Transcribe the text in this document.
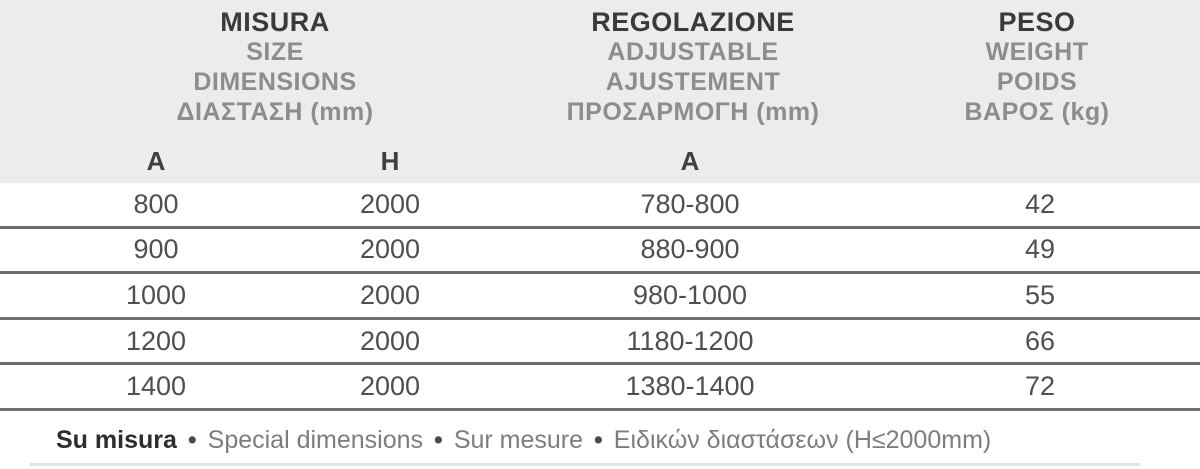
MISURA
SIZE
DIMENSIONS
ΔΙΑΣΤΑΣΗ (mm)
REGOLAZIONE
ADJUSTABLE
AJUSTEMENT
ΠΡΟΣΑΡΜΟΓΗ (mm)
PESO
WEIGHT
POIDS
ΒΑΡΟΣ (kg)
A	H	A
800	2000	780-800	42
900	2000	880-900	49
1000	2000	980-1000	55
1200	2000	1180-1200	66
1400	2000	1380-1400	72
Su misura • Special dimensions • Sur mesure • Ειδικών διαστάσεων (H≤2000mm)
